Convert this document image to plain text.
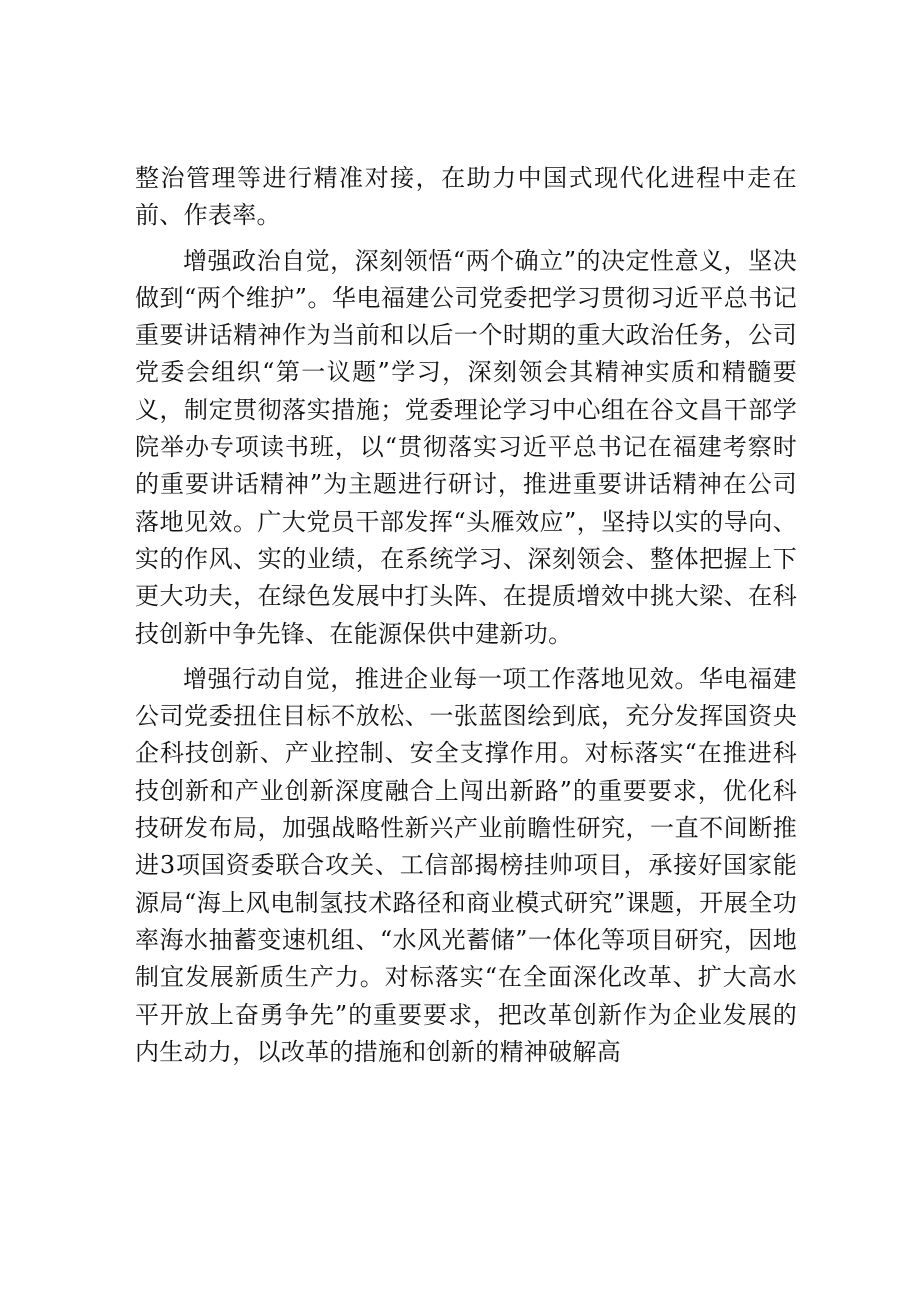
整治管理等进行精准对接，在助力中国式现代化进程中走在前、作表率。

增强政治自觉，深刻领悟“两个确立”的决定性意义，坚决做到“两个维护”。华电福建公司党委把学习贯彻习近平总书记重要讲话精神作为当前和以后一个时期的重大政治任务，公司党委会组织“第一议题”学习，深刻领会其精神实质和精髓要义，制定贯彻落实措施；党委理论学习中心组在谷文昌干部学院举办专项读书班，以“贯彻落实习近平总书记在福建考察时的重要讲话精神”为主题进行研讨，推进重要讲话精神在公司落地见效。广大党员干部发挥“头雁效应”，坚持以实的导向、实的作风、实的业绩，在系统学习、深刻领会、整体把握上下更大功夫，在绿色发展中打头阵、在提质增效中挑大梁、在科技创新中争先锋、在能源保供中建新功。

增强行动自觉，推进企业每一项工作落地见效。华电福建公司党委扭住目标不放松、一张蓝图绘到底，充分发挥国资央企科技创新、产业控制、安全支撑作用。对标落实“在推进科技创新和产业创新深度融合上闯出新路”的重要要求，优化科技研发布局，加强战略性新兴产业前瞻性研究，一直不间断推进3项国资委联合攻关、工信部揭榜挂帅项目，承接好国家能源局“海上风电制氢技术路径和商业模式研究”课题，开展全功率海水抽蓄变速机组、“水风光蓄储”一体化等项目研究，因地制宜发展新质生产力。对标落实“在全面深化改革、扩大高水平开放上奋勇争先”的重要要求，把改革创新作为企业发展的内生动力，以改革的措施和创新的精神破解高
